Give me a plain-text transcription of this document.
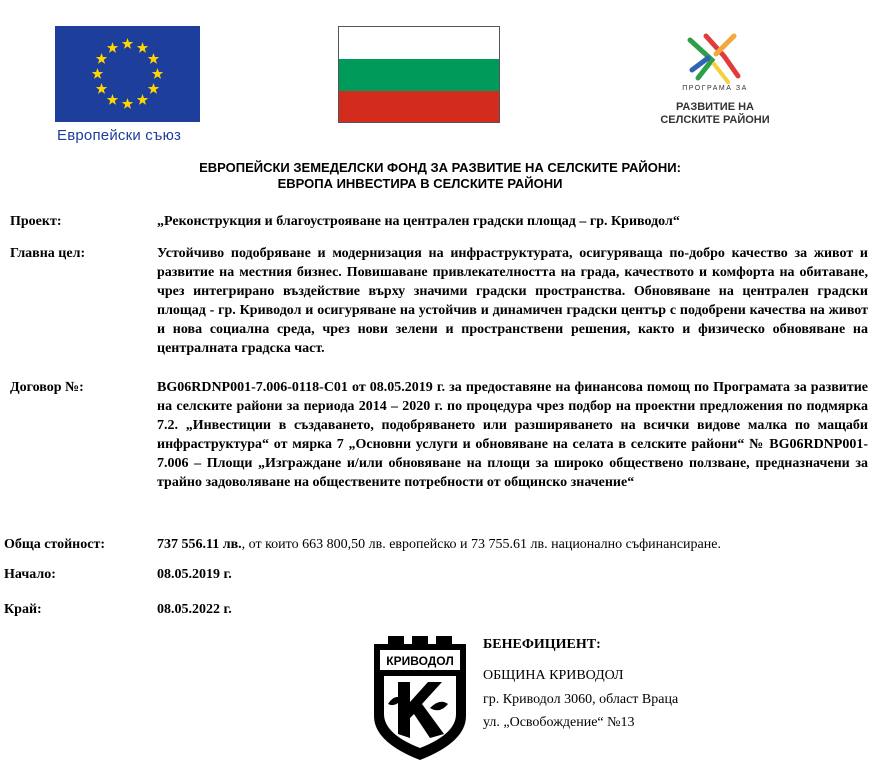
Европейски съюз
ПРОГРАМА ЗА
РАЗВИТИЕ НА
СЕЛСКИТЕ РАЙОНИ
ЕВРОПЕЙСКИ ЗЕМЕДЕЛСКИ ФОНД ЗА РАЗВИТИЕ НА СЕЛСКИТЕ РАЙОНИ:
ЕВРОПА ИНВЕСТИРА В СЕЛСКИТЕ РАЙОНИ
Проект:	„Реконструкция и благоустрояване на централен градски площад – гр. Криводол“
Главна цел:	Устойчиво подобряване и модернизация на инфраструктурата, осигуряваща по-добро качество за живот и развитие на местния бизнес. Повишаване привлекателността на града, качеството и комфорта на обитаване, чрез интегрирано въздействие върху значими градски пространства. Обновяване на централен градски площад - гр. Криводол и осигуряване на устойчив и динамичен градски център с подобрени качества на живот и нова социална среда, чрез нови зелени и пространствени решения, както и физическо обновяване на централната градска част.
Договор №:	BG06RDNP001-7.006-0118-C01 от 08.05.2019 г. за предоставяне на финансова помощ по Програмата за развитие на селските райони за периода 2014 – 2020 г. по процедура чрез подбор на проектни предложения по подмярка 7.2. „Инвестиции в създаването, подобряването или разширяването на всички видове малка по мащаби инфраструктура“ от мярка 7 „Основни услуги и обновяване на селата в селските райони“ № BG06RDNP001-7.006 – Площи „Изграждане и/или обновяване на площи за широко обществено ползване, предназначени за трайно задоволяване на обществените потребности от общинско значение“
Обща стойност:	737 556.11 лв., от които 663 800,50 лв. европейско и 73 755.61 лв. национално съфинансиране.
Начало:	08.05.2019 г.
Край:	08.05.2022 г.
КРИВОДОЛ
БЕНЕФИЦИЕНТ:
ОБЩИНА КРИВОДОЛ
гр. Криводол 3060, област Враца
ул. „Освобождение“ №13
